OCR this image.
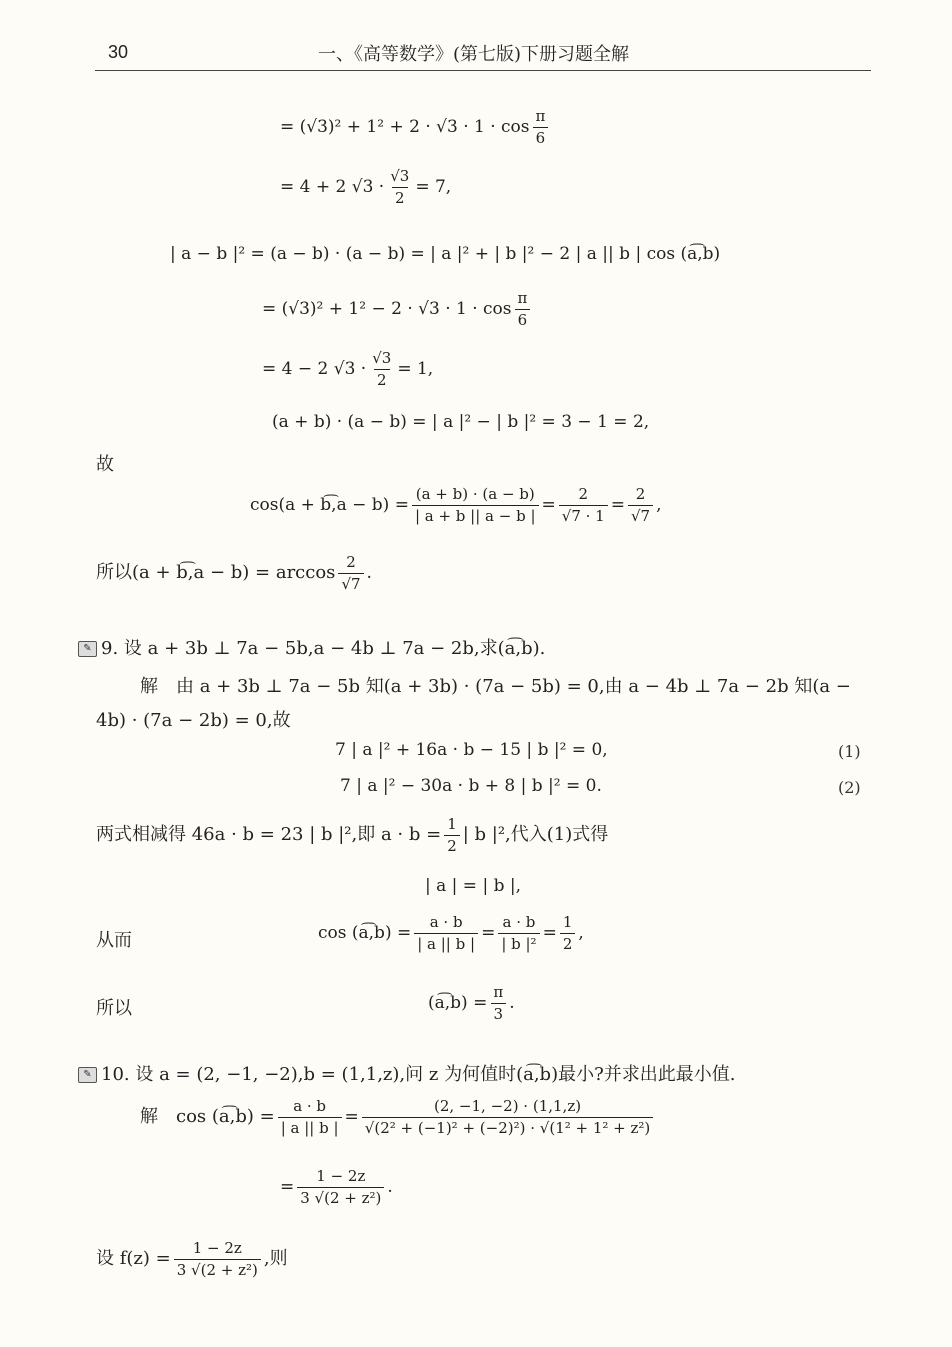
30	一、《高等数学》(第七版)下册习题全解
= $(√3)^2 + 1^2 + 2 \cdot √3 \cdot 1 \cdot \cos \frac{\pi}{6}$
= 4 + 2 $√3 \cdot \frac{√3}{2} = 7$,
| a − b |² = (a − b) · (a − b) = | a |² + | b |² − 2 | a || b | cos (a͡,b)
= $(√3)^2 + 1^2 - 2 \cdot √3 \cdot 1 \cdot \cos \frac{\pi}{6}$
= 4 − 2 $√3 \cdot \frac{√3}{2} = 1$,
(a + b) · (a − b) = | a |² − | b |² = 3 − 1 = 2,
故
cos(a + b͡,a − $b) = \frac{(a + b) \cdot (a - b)}{| a + b || a - b |} = \frac{2}{√7 \cdot 1} = \frac{2}{√7}$ ,
所以(a + b͡,a − $b) = \arccos \frac{2}{√7}$ .
✎ 9. 设 a + 3b ⊥ 7a − 5b,a − 4b ⊥ 7a − 2b,求(a͡,b).
解　由 a + 3b ⊥ 7a − 5b 知(a + 3b) · (7a − 5b) = 0,由 a − 4b ⊥ 7a − 2b 知(a −
4b) · (7a − 2b) = 0,故
7 | a |² + 16a · b − 15 | b |² = 0,	(1)
7 | a |² − 30a · b + 8 | b |² = 0.	(2)
两式相减得 46a · b = 23 | b |²,即 $a \cdot b = \frac{1}{2}$ | b |²,代入(1)式得
| a | = | b |,
从而	cos (a͡,b) = $\frac{a \cdot b}{| a || b |} = \frac{a \cdot b}{\text{| b |²}} = \frac{1}{2}$ ,
所以	(a͡,b) = $\frac{\pi}{3}$ .
✎ 10. 设 a = (2, −1, −2),b = (1,1,z),问 z 为何值时(a͡,b)最小?并求出此最小值.
解　cos (a͡,b) = $\frac{a \cdot b}{| a || b |} = \frac{(2, -1, -2) \cdot (1,1,z)}{\text{√(2² + (−1)² + (−2)²) · √(1² + 1² + z²)}}$
= $\frac{1 - 2z}{\text{3 √(2 + z²)}}$ .
设 $f(z) = \frac{1 - 2z}{\text{3 √(2 + z²)}}$ ,则
